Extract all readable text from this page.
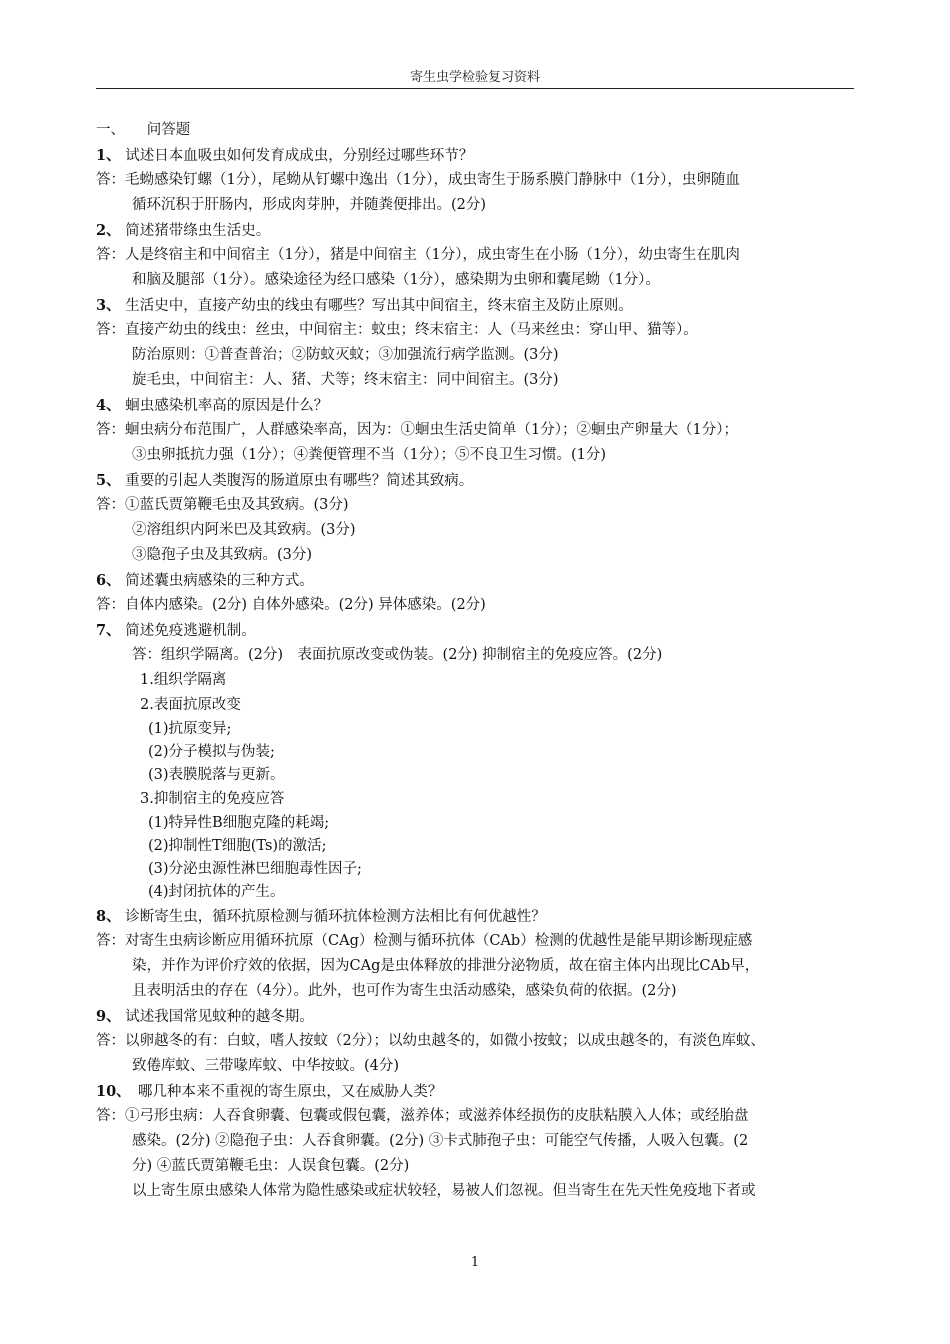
寄生虫学检验复习资料
一、　　问答题
1、 试述日本血吸虫如何发育成成虫，分别经过哪些环节？
答：毛蚴感染钉螺（1分），尾蚴从钉螺中逸出（1分），成虫寄生于肠系膜门静脉中（1分），虫卵随血
循环沉积于肝肠内，形成肉芽肿，并随粪便排出。(2分)
2、 简述猪带绦虫生活史。
答：人是终宿主和中间宿主（1分），猪是中间宿主（1分），成虫寄生在小肠（1分），幼虫寄生在肌肉
和脑及腿部（1分）。感染途径为经口感染（1分），感染期为虫卵和囊尾蚴（1分）。
3、 生活史中，直接产幼虫的线虫有哪些？写出其中间宿主，终末宿主及防止原则。
答：直接产幼虫的线虫：丝虫，中间宿主：蚊虫；终末宿主：人（马来丝虫：穿山甲、猫等）。
防治原则：①普查普治；②防蚊灭蚊；③加强流行病学监测。(3分)
旋毛虫，中间宿主：人、猪、犬等；终末宿主：同中间宿主。(3分)
4、 蛔虫感染机率高的原因是什么？
答：蛔虫病分布范围广，人群感染率高，因为：①蛔虫生活史简单（1分）；②蛔虫产卵量大（1分）；
③虫卵抵抗力强（1分）；④粪便管理不当（1分）；⑤不良卫生习惯。(1分)
5、 重要的引起人类腹泻的肠道原虫有哪些？简述其致病。
答：①蓝氏贾第鞭毛虫及其致病。(3分)
②溶组织内阿米巴及其致病。(3分)
③隐孢子虫及其致病。(3分)
6、 简述囊虫病感染的三种方式。
答：自体内感染。(2分) 自体外感染。(2分) 异体感染。(2分)
7、 简述免疫逃避机制。
答：组织学隔离。(2分)　表面抗原改变或伪装。(2分) 抑制宿主的免疫应答。(2分)
1.组织学隔离
2.表面抗原改变
(1)抗原变异;
(2)分子模拟与伪装;
(3)表膜脱落与更新。
3.抑制宿主的免疫应答
(1)特异性B细胞克隆的耗竭;
(2)抑制性T细胞(Ts)的激活;
(3)分泌虫源性淋巴细胞毒性因子;
(4)封闭抗体的产生。
8、 诊断寄生虫，循环抗原检测与循环抗体检测方法相比有何优越性？
答：对寄生虫病诊断应用循环抗原（CAg）检测与循环抗体（CAb）检测的优越性是能早期诊断现症感
染，并作为评价疗效的依据，因为CAg是虫体释放的排泄分泌物质，故在宿主体内出现比CAb早，
且表明活虫的存在（4分）。此外，也可作为寄生虫活动感染，感染负荷的依据。(2分)
9、 试述我国常见蚊种的越冬期。
答：以卵越冬的有：白蚊，嗜人按蚊（2分）；以幼虫越冬的，如微小按蚊；以成虫越冬的，有淡色库蚊、
致倦库蚊、三带喙库蚊、中华按蚊。(4分)
10、　哪几种本来不重视的寄生原虫，又在威胁人类？
答：①弓形虫病：人吞食卵囊、包囊或假包囊，滋养体；或滋养体经损伤的皮肤粘膜入人体；或经胎盘
感染。(2分) ②隐孢子虫：人吞食卵囊。(2分) ③卡式肺孢子虫：可能空气传播，人吸入包囊。(2
分) ④蓝氏贾第鞭毛虫：人误食包囊。(2分)
以上寄生原虫感染人体常为隐性感染或症状较轻，易被人们忽视。但当寄生在先天性免疫地下者或
1
